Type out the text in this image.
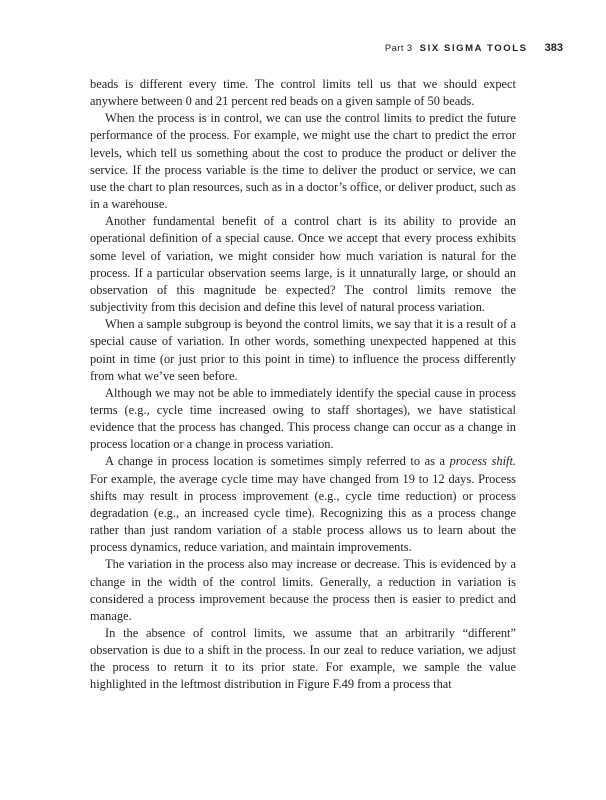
Part 3 SIX SIGMA TOOLS 383

beads is different every time. The control limits tell us that we should expect anywhere between 0 and 21 percent red beads on a given sample of 50 beads.

When the process is in control, we can use the control limits to predict the future performance of the process. For example, we might use the chart to predict the error levels, which tell us something about the cost to produce the product or deliver the service. If the process variable is the time to deliver the product or service, we can use the chart to plan resources, such as in a doctor’s office, or deliver product, such as in a warehouse.

Another fundamental benefit of a control chart is its ability to provide an operational definition of a special cause. Once we accept that every process exhibits some level of variation, we might consider how much variation is natural for the process. If a particular observation seems large, is it unnaturally large, or should an observation of this magnitude be expected? The control limits remove the subjectivity from this decision and define this level of natural process variation.

When a sample subgroup is beyond the control limits, we say that it is a result of a special cause of variation. In other words, something unexpected happened at this point in time (or just prior to this point in time) to influence the process differently from what we’ve seen before.

Although we may not be able to immediately identify the special cause in process terms (e.g., cycle time increased owing to staff shortages), we have statistical evidence that the process has changed. This process change can occur as a change in process location or a change in process variation.

A change in process location is sometimes simply referred to as a process shift. For example, the average cycle time may have changed from 19 to 12 days. Process shifts may result in process improvement (e.g., cycle time reduction) or process degradation (e.g., an increased cycle time). Recognizing this as a process change rather than just random variation of a stable process allows us to learn about the process dynamics, reduce variation, and maintain improvements.

The variation in the process also may increase or decrease. This is evidenced by a change in the width of the control limits. Generally, a reduction in variation is considered a process improvement because the process then is easier to predict and manage.

In the absence of control limits, we assume that an arbitrarily “different” observation is due to a shift in the process. In our zeal to reduce variation, we adjust the process to return it to its prior state. For example, we sample the value highlighted in the leftmost distribution in Figure F.49 from a process that
